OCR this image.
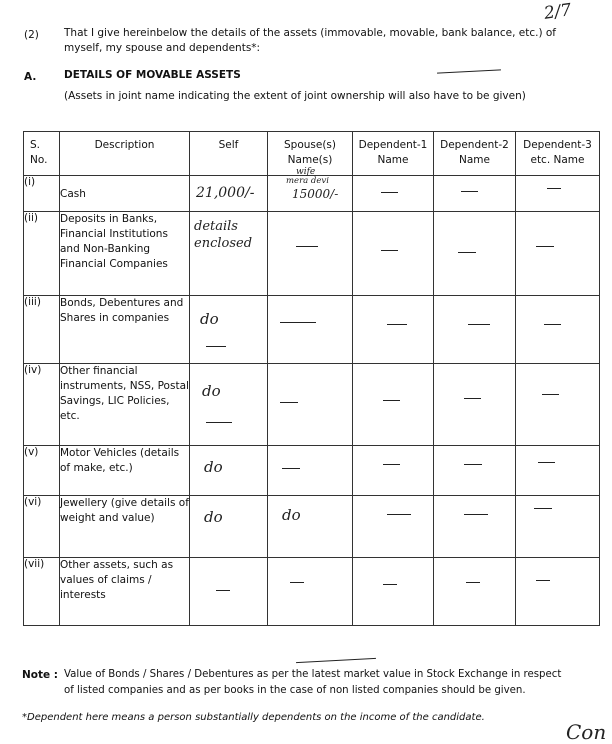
2/7
(2) That I give hereinbelow the details of the assets (immovable, movable, bank balance, etc.) of
myself, my spouse and dependents*:
A.	DETAILS OF MOVABLE ASSETS
(Assets in joint name indicating the extent of joint ownership will also have to be given)
S. No.	Description	Self	Spouse(s) Name(s)	Dependent-1 Name	Dependent-2 Name	Dependent-3 etc. Name
(i)	Cash	21,000/-	wife
mera devi
15000/-			

(ii)	Deposits in Banks, Financial Institutions and Non-Banking Financial Companies	details enclosed				

(iii)	Bonds, Debentures and Shares in companies	do				

(iv)	Other financial instruments, NSS, Postal Savings, LIC Policies, etc.	do				

(v)	Motor Vehicles (details of make, etc.)	do				

(vi)	Jewellery (give details of weight and value)	do	do			

(vii)	Other assets, such as values of claims / interests	

Note : Value of Bonds / Shares / Debentures as per the latest market value in Stock Exchange in respect
of listed companies and as per books in the case of non listed companies should be given.
*Dependent here means a person substantially dependents on the income of the candidate.
Con
